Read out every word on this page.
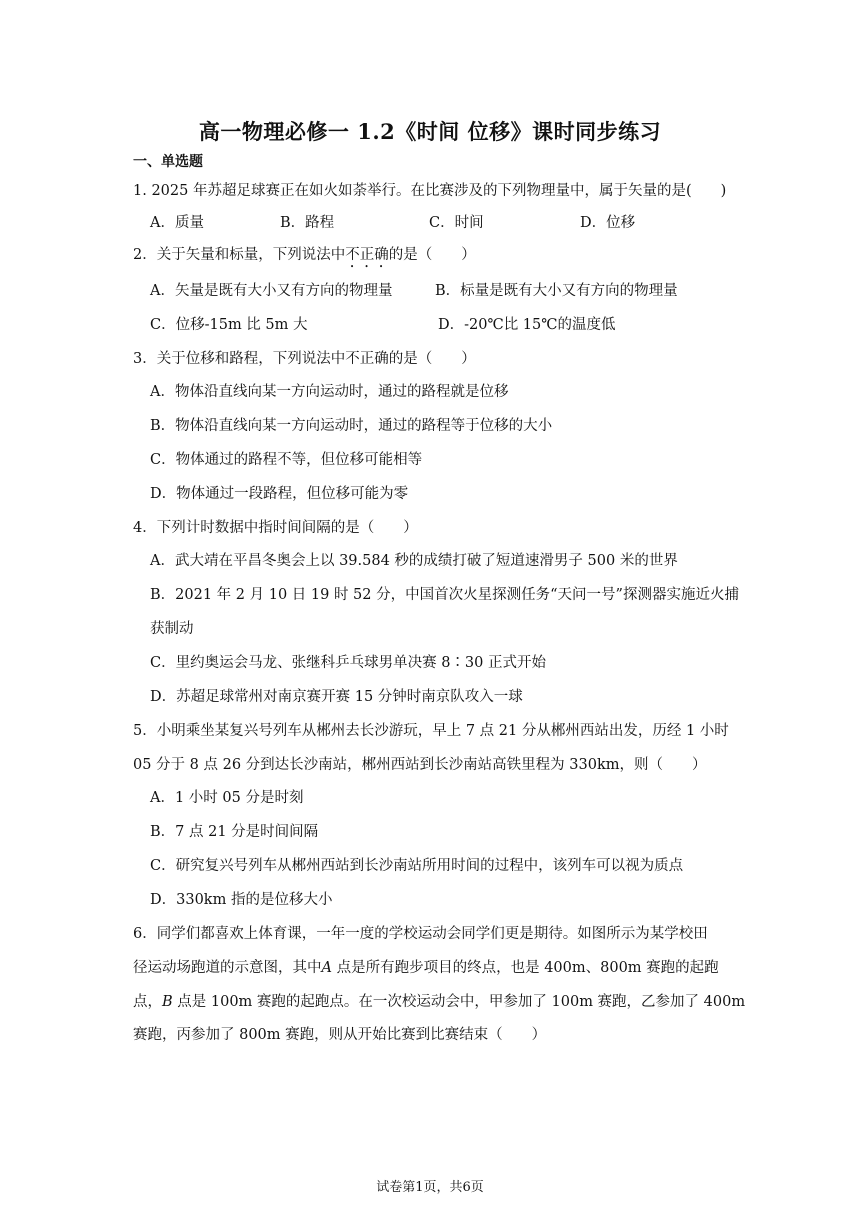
高一物理必修一 1.2《时间 位移》课时同步练习
一、单选题
1. 2025 年苏超足球赛正在如火如荼举行。在比赛涉及的下列物理量中，属于矢量的是(　　)
A．质量	B．路程	C．时间	D．位移
2．关于矢量和标量，下列说法中不正确的是（　　）
A．矢量是既有大小又有方向的物理量	B．标量是既有大小又有方向的物理量
C．位移-15m 比 5m 大	D．-20℃比 15℃的温度低
3．关于位移和路程，下列说法中不正确的是（　　）
A．物体沿直线向某一方向运动时，通过的路程就是位移
B．物体沿直线向某一方向运动时，通过的路程等于位移的大小
C．物体通过的路程不等，但位移可能相等
D．物体通过一段路程，但位移可能为零
4．下列计时数据中指时间间隔的是（　　）
A．武大靖在平昌冬奥会上以 39.584 秒的成绩打破了短道速滑男子 500 米的世界
B．2021 年 2 月 10 日 19 时 52 分，中国首次火星探测任务“天问一号”探测器实施近火捕
获制动
C．里约奥运会马龙、张继科乒乓球男单决赛 8∶30 正式开始
D．苏超足球常州对南京赛开赛 15 分钟时南京队攻入一球
5．小明乘坐某复兴号列车从郴州去长沙游玩，早上 7 点 21 分从郴州西站出发，历经 1 小时
05 分于 8 点 26 分到达长沙南站，郴州西站到长沙南站高铁里程为 330km，则（　　）
A．1 小时 05 分是时刻
B．7 点 21 分是时间间隔
C．研究复兴号列车从郴州西站到长沙南站所用时间的过程中，该列车可以视为质点
D．330km 指的是位移大小
6．同学们都喜欢上体育课，一年一度的学校运动会同学们更是期待。如图所示为某学校田
径运动场跑道的示意图，其中A 点是所有跑步项目的终点，也是 400m、800m 赛跑的起跑
点，B 点是 100m 赛跑的起跑点。在一次校运动会中，甲参加了 100m 赛跑，乙参加了 400m
赛跑，丙参加了 800m 赛跑，则从开始比赛到比赛结束（　　）
试卷第1页，共6页
